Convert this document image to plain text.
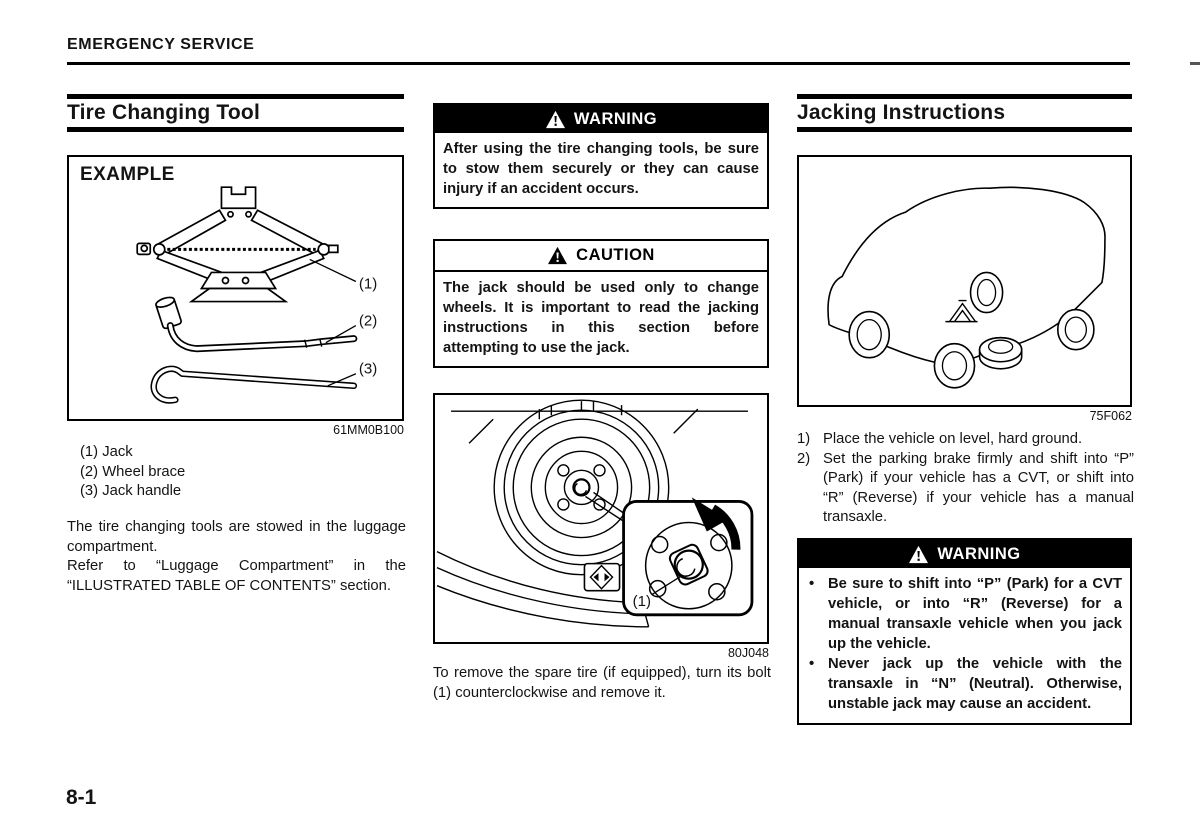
EMERGENCY SERVICE
Tire Changing Tool
EXAMPLE
(1)
(2)
(3)
61MM0B100
(1) Jack
(2) Wheel brace
(3) Jack handle

The tire changing tools are stowed in the luggage compartment.

Refer to “Luggage Compartment” in the “ILLUSTRATED TABLE OF CONTENTS” section.

WARNING

After using the tire changing tools, be sure to stow them securely or they can cause injury if an accident occurs.

CAUTION

The jack should be used only to change wheels. It is important to read the jacking instructions in this section before attempting to use the jack.

(1)
80J048

To remove the spare tire (if equipped), turn its bolt (1) counterclockwise and remove it.

Jacking Instructions
75F062
1) Place the vehicle on level, hard ground.
2) Set the parking brake firmly and shift into “P” (Park) if your vehicle has a CVT, or shift into “R” (Reverse) if your vehicle has a manual transaxle.
WARNING
• Be sure to shift into “P” (Park) for a CVT vehicle, or into “R” (Reverse) for a manual transaxle vehicle when you jack up the vehicle.
• Never jack up the vehicle with the transaxle in “N” (Neutral). Otherwise, unstable jack may cause an accident.
8-1
